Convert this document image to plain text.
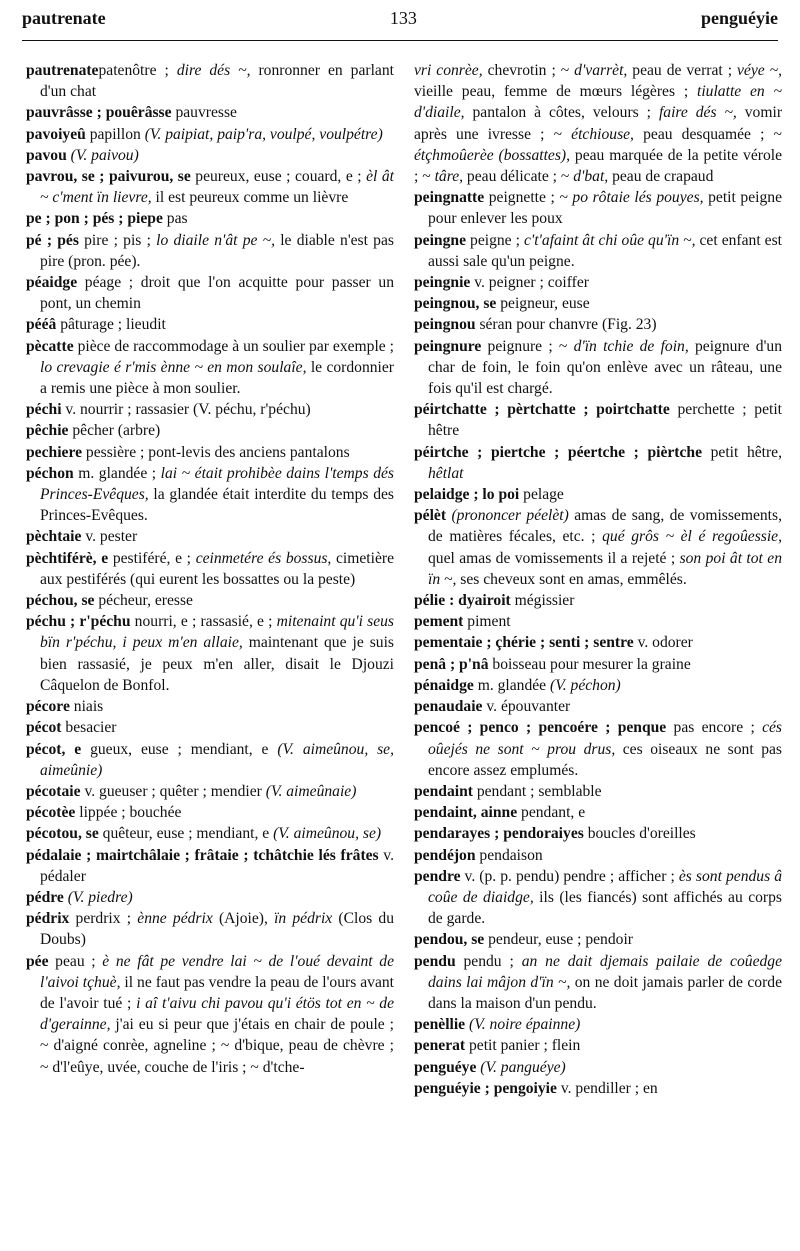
pautrenate	133	penguéyie
pautrenatepatenôtre ; dire dés ~, ronronner en parlant d'un chat
pauvrâsse ; pouêrâsse pauvresse
pavoiyeû papillon (V. paipiat, paip'ra, voulpé, voulpétre)
pavou (V. paivou)
pavrou, se ; paivurou, se peureux, euse ; couard, e ; èl ât ~ c'ment ïn lievre, il est peureux comme un lièvre
pe ; pon ; pés ; piepe pas
pé ; pés pire ; pis ; lo diaile n'ât pe ~, le diable n'est pas pire (pron. pée).
péaidge péage ; droit que l'on acquitte pour passer un pont, un chemin
pééâ pâturage ; lieudit
pècatte pièce de raccommodage à un soulier par exemple ; lo crevagie é r'mis ènne ~ en mon soulaîe, le cordonnier a remis une pièce à mon soulier.
péchi v. nourrir ; rassasier (V. péchu, r'péchu)
pêchie pêcher (arbre)
pechiere pessière ; pont-levis des anciens pantalons
péchon m. glandée ; lai ~ était prohibèe dains l'temps dés Princes-Evêques, la glandée était interdite du temps des Princes-Evêques.
pèchtaie v. pester
pèchtiférè, e pestiféré, e ; ceinmetére és bossus, cimetière aux pestiférés (qui eurent les bossattes ou la peste)
péchou, se pécheur, eresse
péchu ; r'péchu nourri, e ; rassasié, e ; mitenaint qu'i seus bïn r'péchu, i peux m'en allaie, maintenant que je suis bien rassasié, je peux m'en aller, disait le Djouzi Câquelon de Bonfol.
pécore niais
pécot besacier
pécot, e gueux, euse ; mendiant, e (V. aimeûnou, se, aimeûnie)
pécotaie v. gueuser ; quêter ; mendier (V. aimeûnaie)
pécotèe lippée ; bouchée
pécotou, se quêteur, euse ; mendiant, e (V. aimeûnou, se)
pédalaie ; mairtchâlaie ; frâtaie ; tchâtchie lés frâtes v. pédaler
pédre (V. piedre)
pédrix perdrix ; ènne pédrix (Ajoie), ïn pédrix (Clos du Doubs)
pée peau ; è ne fât pe vendre lai ~ de l'oué devaint de l'aivoi tçhuè, il ne faut pas vendre la peau de l'ours avant de l'avoir tué ; i aî t'aivu chi pavou qu'i étös tot en ~ de d'gerainne, j'ai eu si peur que j'étais en chair de poule ; ~ d'aigné conrèe, agneline ; ~ d'bique, peau de chèvre ; ~ d'l'eûye, uvée, couche de l'iris ; ~ d'tche-
vri conrèe, chevrotin ; ~ d'varrèt, peau de verrat ; véye ~, vieille peau, femme de mœurs légères ; tiulatte en ~ d'diaile, pantalon à côtes, velours ; faire dés ~, vomir après une ivresse ; ~ étchiouse, peau desquamée ; ~ étçhmoûerèe (bossattes), peau marquée de la petite vérole ; ~ târe, peau délicate ; ~ d'bat, peau de crapaud
peingnatte peignette ; ~ po rôtaie lés pouyes, petit peigne pour enlever les poux
peingne peigne ; c't'afaint ât chi oûe qu'ïn ~, cet enfant est aussi sale qu'un peigne.
peingnie v. peigner ; coiffer
peingnou, se peigneur, euse
peingnou séran pour chanvre (Fig. 23)
peingnure peignure ; ~ d'ïn tchie de foin, peignure d'un char de foin, le foin qu'on enlève avec un râteau, une fois qu'il est chargé.
péirtchatte ; pèrtchatte ; poirtchatte perchette ; petit hêtre
péirtche ; piertche ; péertche ; pièrtche petit hêtre, hêtlat
pelaidge ; lo poi pelage
pélèt (prononcer péelèt) amas de sang, de vomissements, de matières fécales, etc. ; qué grôs ~ èl é regoûessie, quel amas de vomissements il a rejeté ; son poi ât tot en ïn ~, ses cheveux sont en amas, emmêlés.
pélie : dyairoit mégissier
pement piment
pementaie ; çhérie ; senti ; sentre v. odorer
penâ ; p'nâ boisseau pour mesurer la graine
pénaidge m. glandée (V. péchon)
penaudaie v. épouvanter
pencoé ; penco ; pencoére ; penque pas encore ; cés oûejés ne sont ~ prou drus, ces oiseaux ne sont pas encore assez emplumés.
pendaint pendant ; semblable
pendaint, ainne pendant, e
pendarayes ; pendoraiyes boucles d'oreilles
pendéjon pendaison
pendre v. (p. p. pendu) pendre ; afficher ; ès sont pendus â coûe de diaidge, ils (les fiancés) sont affichés au corps de garde.
pendou, se pendeur, euse ; pendoir
pendu pendu ; an ne dait djemais pailaie de coûedge dains lai mâjon d'ïn ~, on ne doit jamais parler de corde dans la maison d'un pendu.
penèllie (V. noire épainne)
penerat petit panier ; flein
penguéye (V. panguéye)
penguéyie ; pengoiyie v. pendiller ; en
